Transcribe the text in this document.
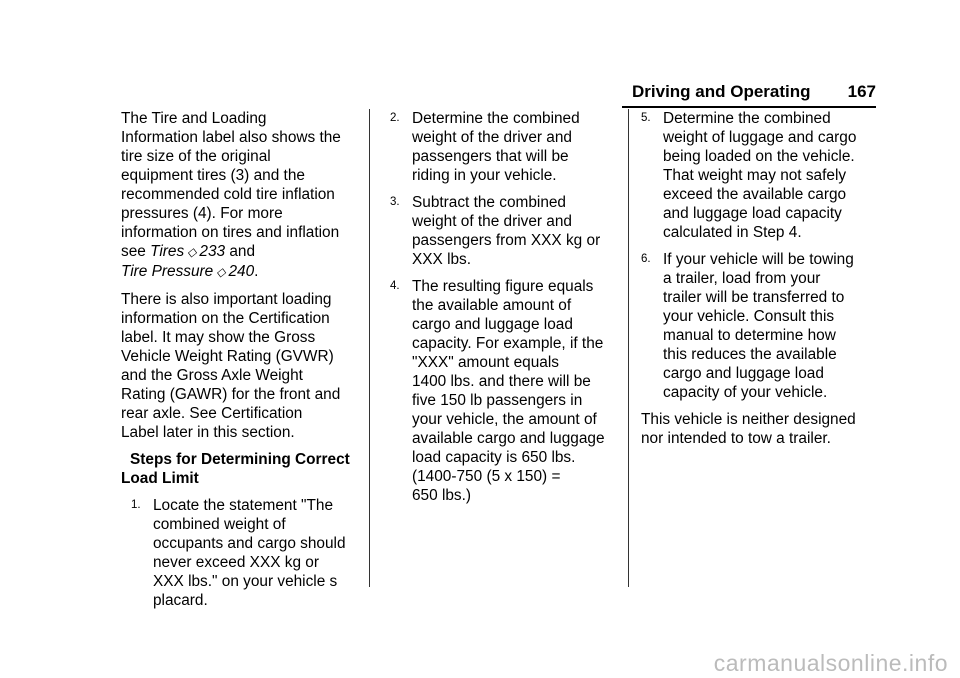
Driving and Operating 167

The Tire and Loading
Information label also shows the
tire size of the original
equipment tires (3) and the
recommended cold tire inflation
pressures (4). For more
information on tires and inflation
see Tires ◇ 233 and
Tire Pressure ◇ 240.

There is also important loading
information on the Certification
label. It may show the Gross
Vehicle Weight Rating (GVWR)
and the Gross Axle Weight
Rating (GAWR) for the front and
rear axle. See Certification
Label later in this section.

Steps for Determining Correct
Load Limit
1. Locate the statement "The
combined weight of
occupants and cargo should
never exceed XXX kg or
XXX lbs." on your vehicle s
placard.
2. Determine the combined
weight of the driver and
passengers that will be
riding in your vehicle.
3. Subtract the combined
weight of the driver and
passengers from XXX kg or
XXX lbs.
4. The resulting figure equals
the available amount of
cargo and luggage load
capacity. For example, if the
"XXX" amount equals
1400 lbs. and there will be
five 150 lb passengers in
your vehicle, the amount of
available cargo and luggage
load capacity is 650 lbs.
(1400-750 (5 x 150) =
650 lbs.)
5. Determine the combined
weight of luggage and cargo
being loaded on the vehicle.
That weight may not safely
exceed the available cargo
and luggage load capacity
calculated in Step 4.
6. If your vehicle will be towing
a trailer, load from your
trailer will be transferred to
your vehicle. Consult this
manual to determine how
this reduces the available
cargo and luggage load
capacity of your vehicle.

This vehicle is neither designed
nor intended to tow a trailer.

carmanualsonline.info
